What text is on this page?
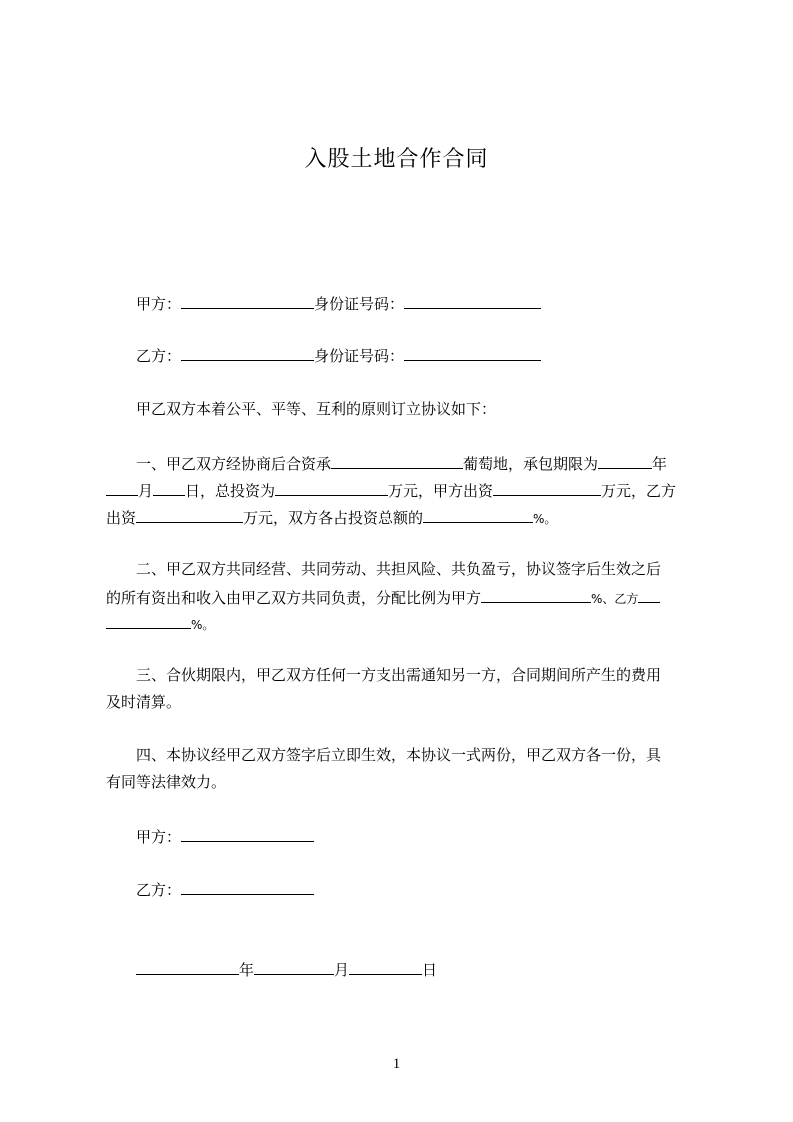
入股土地合作合同
甲方：	身份证号码：
乙方：	身份证号码：
甲乙双方本着公平、平等、互利的原则订立协议如下：
一、甲乙双方经协商后合资承	葡萄地，承包期限为	年
月 日，总投资为	万元，甲方出资	万元，乙方
出资	万元，双方各占投资总额的	%。
二、甲乙双方共同经营、共同劳动、共担风险、共负盈亏，协议签字后生效之后
的所有资出和收入由甲乙双方共同负责，分配比例为甲方	%、乙方
%。
三、合伙期限内，甲乙双方任何一方支出需通知另一方，合同期间所产生的费用
及时清算。
四、本协议经甲乙双方签字后立即生效，本协议一式两份，甲乙双方各一份，具
有同等法律效力。
甲方：
乙方：
年	月	日
1
